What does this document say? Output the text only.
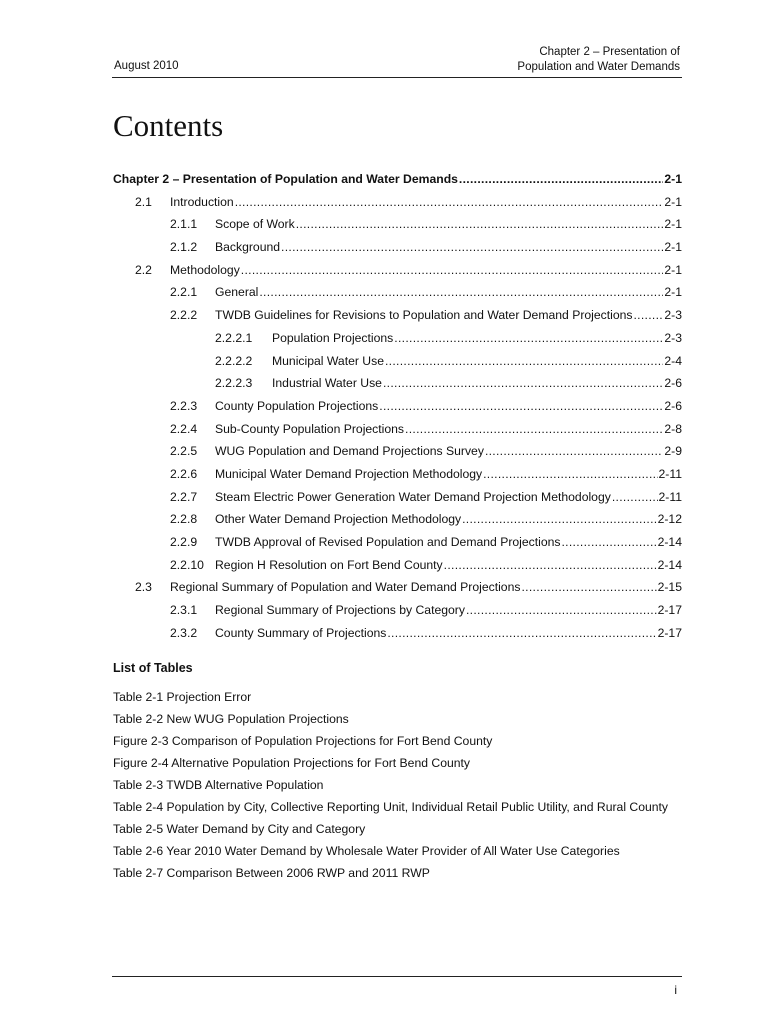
August 2010
Chapter 2 – Presentation of
Population and Water Demands
Contents
Chapter 2 – Presentation of Population and Water Demands .....	2-1
2.1	Introduction .....	2-1
2.1.1	Scope of Work .....	2-1
2.1.2	Background .....	2-1
2.2	Methodology .....	2-1
2.2.1	General .....	2-1
2.2.2	TWDB Guidelines for Revisions to Population and Water Demand Projections .....	2-3
2.2.2.1	Population Projections .....	2-3
2.2.2.2	Municipal Water Use .....	2-4
2.2.2.3	Industrial Water Use .....	2-6
2.2.3	County Population Projections .....	2-6
2.2.4	Sub-County Population Projections .....	2-8
2.2.5	WUG Population and Demand Projections Survey .....	2-9
2.2.6	Municipal Water Demand Projection Methodology .....	2-11
2.2.7	Steam Electric Power Generation Water Demand Projection Methodology .....	2-11
2.2.8	Other Water Demand Projection Methodology .....	2-12
2.2.9	TWDB Approval of Revised Population and Demand Projections .....	2-14
2.2.10 Region H Resolution on Fort Bend County .....	2-14
2.3	Regional Summary of Population and Water Demand Projections .....	2-15
2.3.1	Regional Summary of Projections by Category .....	2-17
2.3.2	County Summary of Projections .....	2-17
List of Tables
Table 2-1 Projection Error
Table 2-2 New WUG Population Projections
Figure 2-3 Comparison of Population Projections for Fort Bend County
Figure 2-4 Alternative Population Projections for Fort Bend County
Table 2-3 TWDB Alternative Population
Table 2-4 Population by City, Collective Reporting Unit, Individual Retail Public Utility, and Rural County
Table 2-5 Water Demand by City and Category
Table 2-6 Year 2010 Water Demand by Wholesale Water Provider of All Water Use Categories
Table 2-7 Comparison Between 2006 RWP and 2011 RWP
i
